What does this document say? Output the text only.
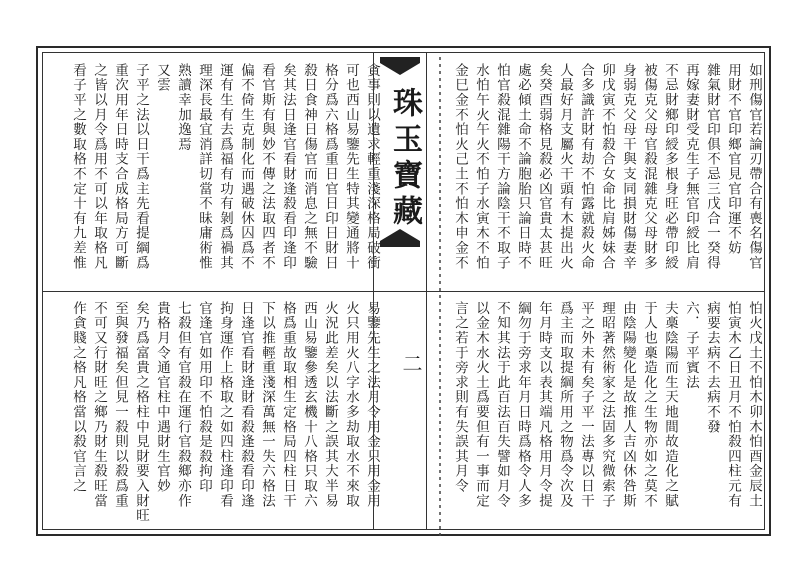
貪事則以遺求輕重淺深格局破衝
可也西山易鑒先生特其變通將十
格分爲六格爲重日官日印日財日
殺日食神日傷官而消息之無不驗
矣其法日逢官看財逢殺看印逢印
看官斯有與妙不傳之法取四者不
偏不倚生克制化而遇破休囚爲不
運有生有去爲福有功有剝爲禍其
理深長最宜消詳切當不昧庸術惟
熟讀幸加逸焉
又雲
子平之法以日干爲主先看提綱爲
重次用年日時支合成格局方可斷
之皆以月令爲用不可以年取格凡
看子平之數取格不定十有九差惟
易鑒先生之法月令用金只用金用
火只用火八字水多劫取水不來取
火況此差矣以法斷之誤其大半易
西山易鑒參透玄機十八格只取六
格爲重故取相生定格局四柱日干
下以推輕重淺深萬無一失六格法
日逢官看財逢財看殺逢殺看印逢
拘身運作上格取之如四柱逢印看
官逢官如用印不怕殺是殺拘印
七殺但有官殺在運行官殺鄉亦作
貴格月令通官柱中遇財生官妙
矣乃爲富貴之格柱中見財要入財旺
至與發福矣但見一殺則以殺爲重
不可又行財旺之鄉乃財生殺旺當
作貪賤之格凡格當以殺官言之
珠玉寶藏
二
如刑傷官若論刃帶合有喪名傷官
用財不官印鄉官見官印運不妨
雜氣財官印俱不忌三戊合一癸得
再嫁妻財受克生子無官印綬比肩
不忌財鄉印綬多根身旺必帶印綬
被傷克父母官殺混雜克父母財多
身弱克父母干與支同損財傷妻辛
卯戊寅不怕殺合女命比肩姊妹合
合多識許財有劫不怕露就殺火命
人最好月支屬火干頭有木提出火
矣癸酉弱格見殺必凶官貴太甚旺
處必傾土命不論胞胎只論日時不
怕官殺混雜陽干方論陰干不取子
水怕午火午火不怕子水寅木不怕
金巳金不怕火己土不怕木申金不
怕火戊土不怕木卯木怕酉金辰土
怕寅木乙日丑月不怕殺四柱元有
病要去病不去病不發
六．子平賓法
夫槀陰陽而生天地間故造化之賦
于人也槀造化之生物亦如之莫不
由陰陽變化是故推人吉凶休咎斯
理昭著然術家之法固多究微索子
平之外未有矣子平一法專以日干
爲主而取提綱所用之物爲令次及
年月時支以表其端凡格用月令提
綱勿于旁求年月日時爲格令人多
不知其法于此百法百失譬如月令
以金木水火土爲要但有一事而定
言之若于旁求則有失誤其月令
